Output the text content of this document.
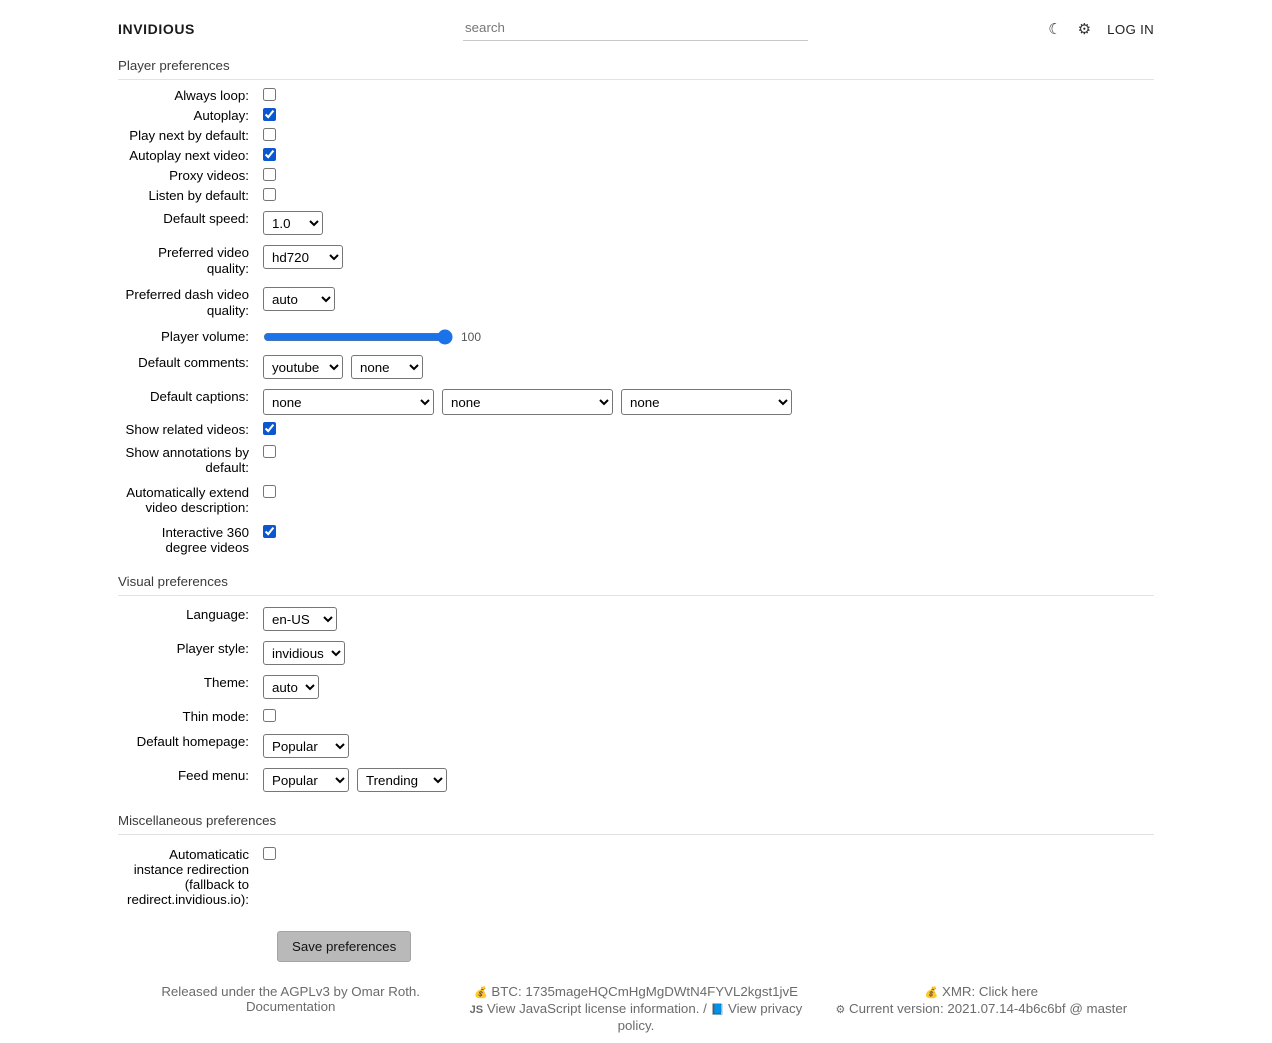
INVIDIOUS
search	☾ ⚙ LOG IN
Player preferences
Always loop:
Autoplay:
Play next by default:
Autoplay next video:
Proxy videos:
Listen by default:
Default speed:
1.0
Preferred video quality:
hd720
Preferred dash video quality:
auto
Player volume:	100
Default comments:
youtube
none
Default captions:
none
none
none
Show related videos:
Show annotations by default:
Automatically extend video description:
Interactive 360 degree videos
Visual preferences
Language:
en-US
Player style:
invidious
Theme:
auto
Thin mode:
Default homepage:
Popular
Feed menu:
Popular
Trending
Miscellaneous preferences
Automaticatic instance redirection (fallback to redirect.invidious.io):
Save preferences
Released under the AGPLv3 by Omar Roth.
Documentation
💰 BTC: 1735mageHQCmHgMgDWtN4FYVL2kgst1jvE
JS View JavaScript license information. / 📘 View privacy policy.
💰 XMR: Click here
⚙ Current version: 2021.07.14-4b6c6bf @ master
